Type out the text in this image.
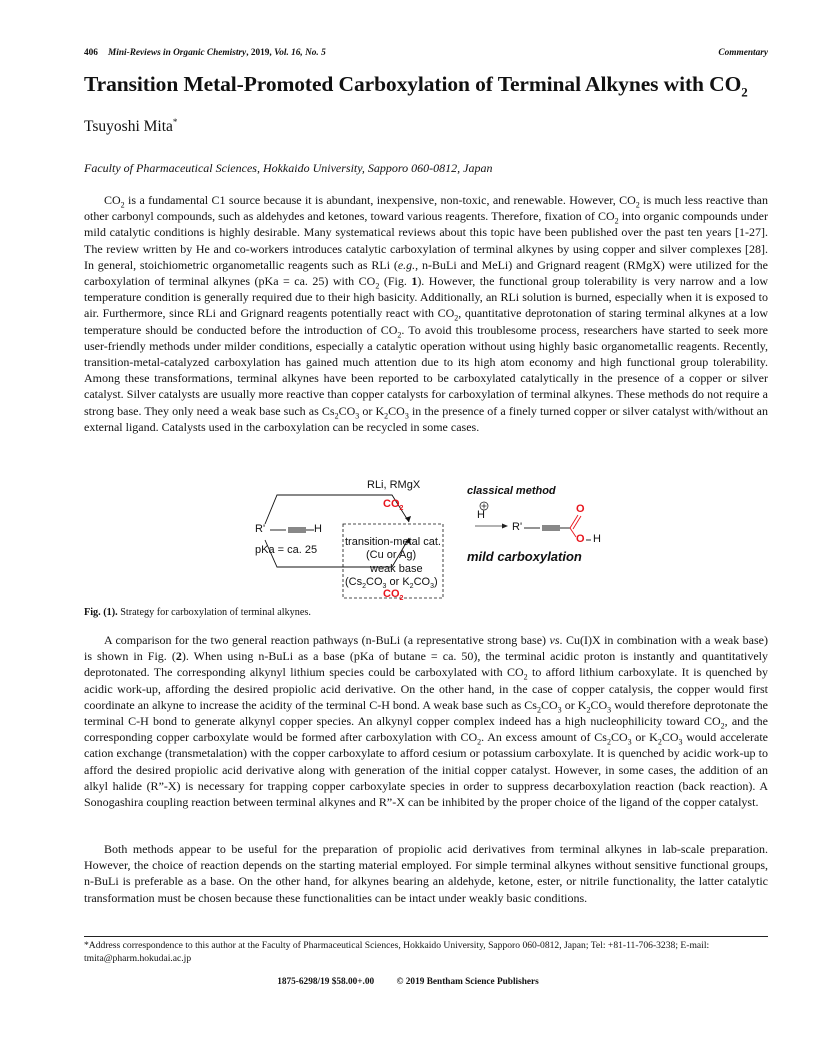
406 Mini-Reviews in Organic Chemistry, 2019, Vol. 16, No. 5	Commentary
Transition Metal-Promoted Carboxylation of Terminal Alkynes with $CO_2$
Tsuyoshi Mita*
Faculty of Pharmaceutical Sciences, Hokkaido University, Sapporo 060-0812, Japan
$CO_2$ is a fundamental C1 source because it is abundant, inexpensive, non-toxic, and renewable. However, $CO_2$ is much less reactive than other carbonyl compounds, such as aldehydes and ketones, toward various reagents. Therefore, fixation of $CO_2$ into organic compounds under mild catalytic conditions is highly desirable. Many systematical reviews about this topic have been published over the past ten years [1-27]. The review written by He and co-workers introduces catalytic carboxylation of terminal alkynes by using copper and silver complexes [28]. In general, stoichiometric organometallic reagents such as RLi (e.g., n-BuLi and MeLi) and Grignard reagent (RMgX) were utilized for the carboxylation of terminal alkynes (pKa = ca. 25) with $CO_2$ (Fig. 1). However, the functional group tolerability is very narrow and a low temperature condition is generally required due to their high basicity. Additionally, an RLi solution is burned, especially when it is exposed to air. Furthermore, since RLi and Grignard reagents potentially react with $CO_2$, quantitative deprotonation of staring terminal alkynes at a low temperature should be conducted before the introduction of $CO_2$. To avoid this troublesome process, researchers have started to seek more user-friendly methods under milder conditions, especially a catalytic operation without using highly basic organometallic reagents. Recently, transition-metal-catalyzed carboxylation has gained much attention due to its high atom economy and high functional group tolerability. Among these transformations, terminal alkynes have been reported to be carboxylated catalytically in the presence of a copper or silver catalyst. Silver catalysts are usually more reactive than copper catalysts for carboxylation of terminal alkynes. These methods do not require a strong base. They only need a weak base such as $Cs_2CO_3$ or $K_2CO_3$ in the presence of a finely turned copper or silver catalyst with/without an external ligand. Catalysts used in the carboxylation can be recycled in some cases.
RLi, RMgX
$CO_2$
classical method
R'	H
pKa = ca. 25
transition-metal cat.
(Cu or Ag)
weak base
($Cs_2CO_3$ or $K_2CO_3$)
$CO_2$
H
R'
O
O H
mild carboxylation
Fig. (1). Strategy for carboxylation of terminal alkynes.
A comparison for the two general reaction pathways (n-BuLi (a representative strong base) vs. Cu(I)X in combination with a weak base) is shown in Fig. (2). When using n-BuLi as a base (pKa of butane = ca. 50), the terminal acidic proton is instantly and quantitatively deprotonated. The corresponding alkynyl lithium species could be carboxylated with $CO_2$ to afford lithium carboxylate. It is quenched by acidic work-up, affording the desired propiolic acid derivative. On the other hand, in the case of copper catalysis, the copper would first coordinate an alkyne to increase the acidity of the terminal C-H bond. A weak base such as $Cs_2CO_3$ or $K_2CO_3$ would therefore deprotonate the terminal C-H bond to generate alkynyl copper species. An alkynyl copper complex indeed has a high nucleophilicity toward $CO_2$, and the corresponding copper carboxylate would be formed after carboxylation with $CO_2$. An excess amount of $Cs_2CO_3$ or $K_2CO_3$ would accelerate cation exchange (transmetalation) with the copper carboxylate to afford cesium or potassium carboxylate. It is quenched by acidic work-up to afford the desired propiolic acid derivative along with generation of the initial copper catalyst. However, in some cases, the addition of an alkyl halide (R”-X) is necessary for trapping copper carboxylate species in order to suppress decarboxylation reaction (back reaction). A Sonogashira coupling reaction between terminal alkynes and R”-X can be inhibited by the proper choice of the ligand of the copper catalyst.
Both methods appear to be useful for the preparation of propiolic acid derivatives from terminal alkynes in lab-scale preparation. However, the choice of reaction depends on the starting material employed. For simple terminal alkynes without sensitive functional groups, n-BuLi is preferable as a base. On the other hand, for alkynes bearing an aldehyde, ketone, ester, or nitrile functionality, the latter catalytic transformation must be chosen because these functionalities can be intact under weakly basic conditions.
*Address correspondence to this author at the Faculty of Pharmaceutical Sciences, Hokkaido University, Sapporo 060-0812, Japan; Tel: +81-11-706-3238; E-mail: tmita@pharm.hokudai.ac.jp
1875-6298/19 $58.00+.00 © 2019 Bentham Science Publishers
